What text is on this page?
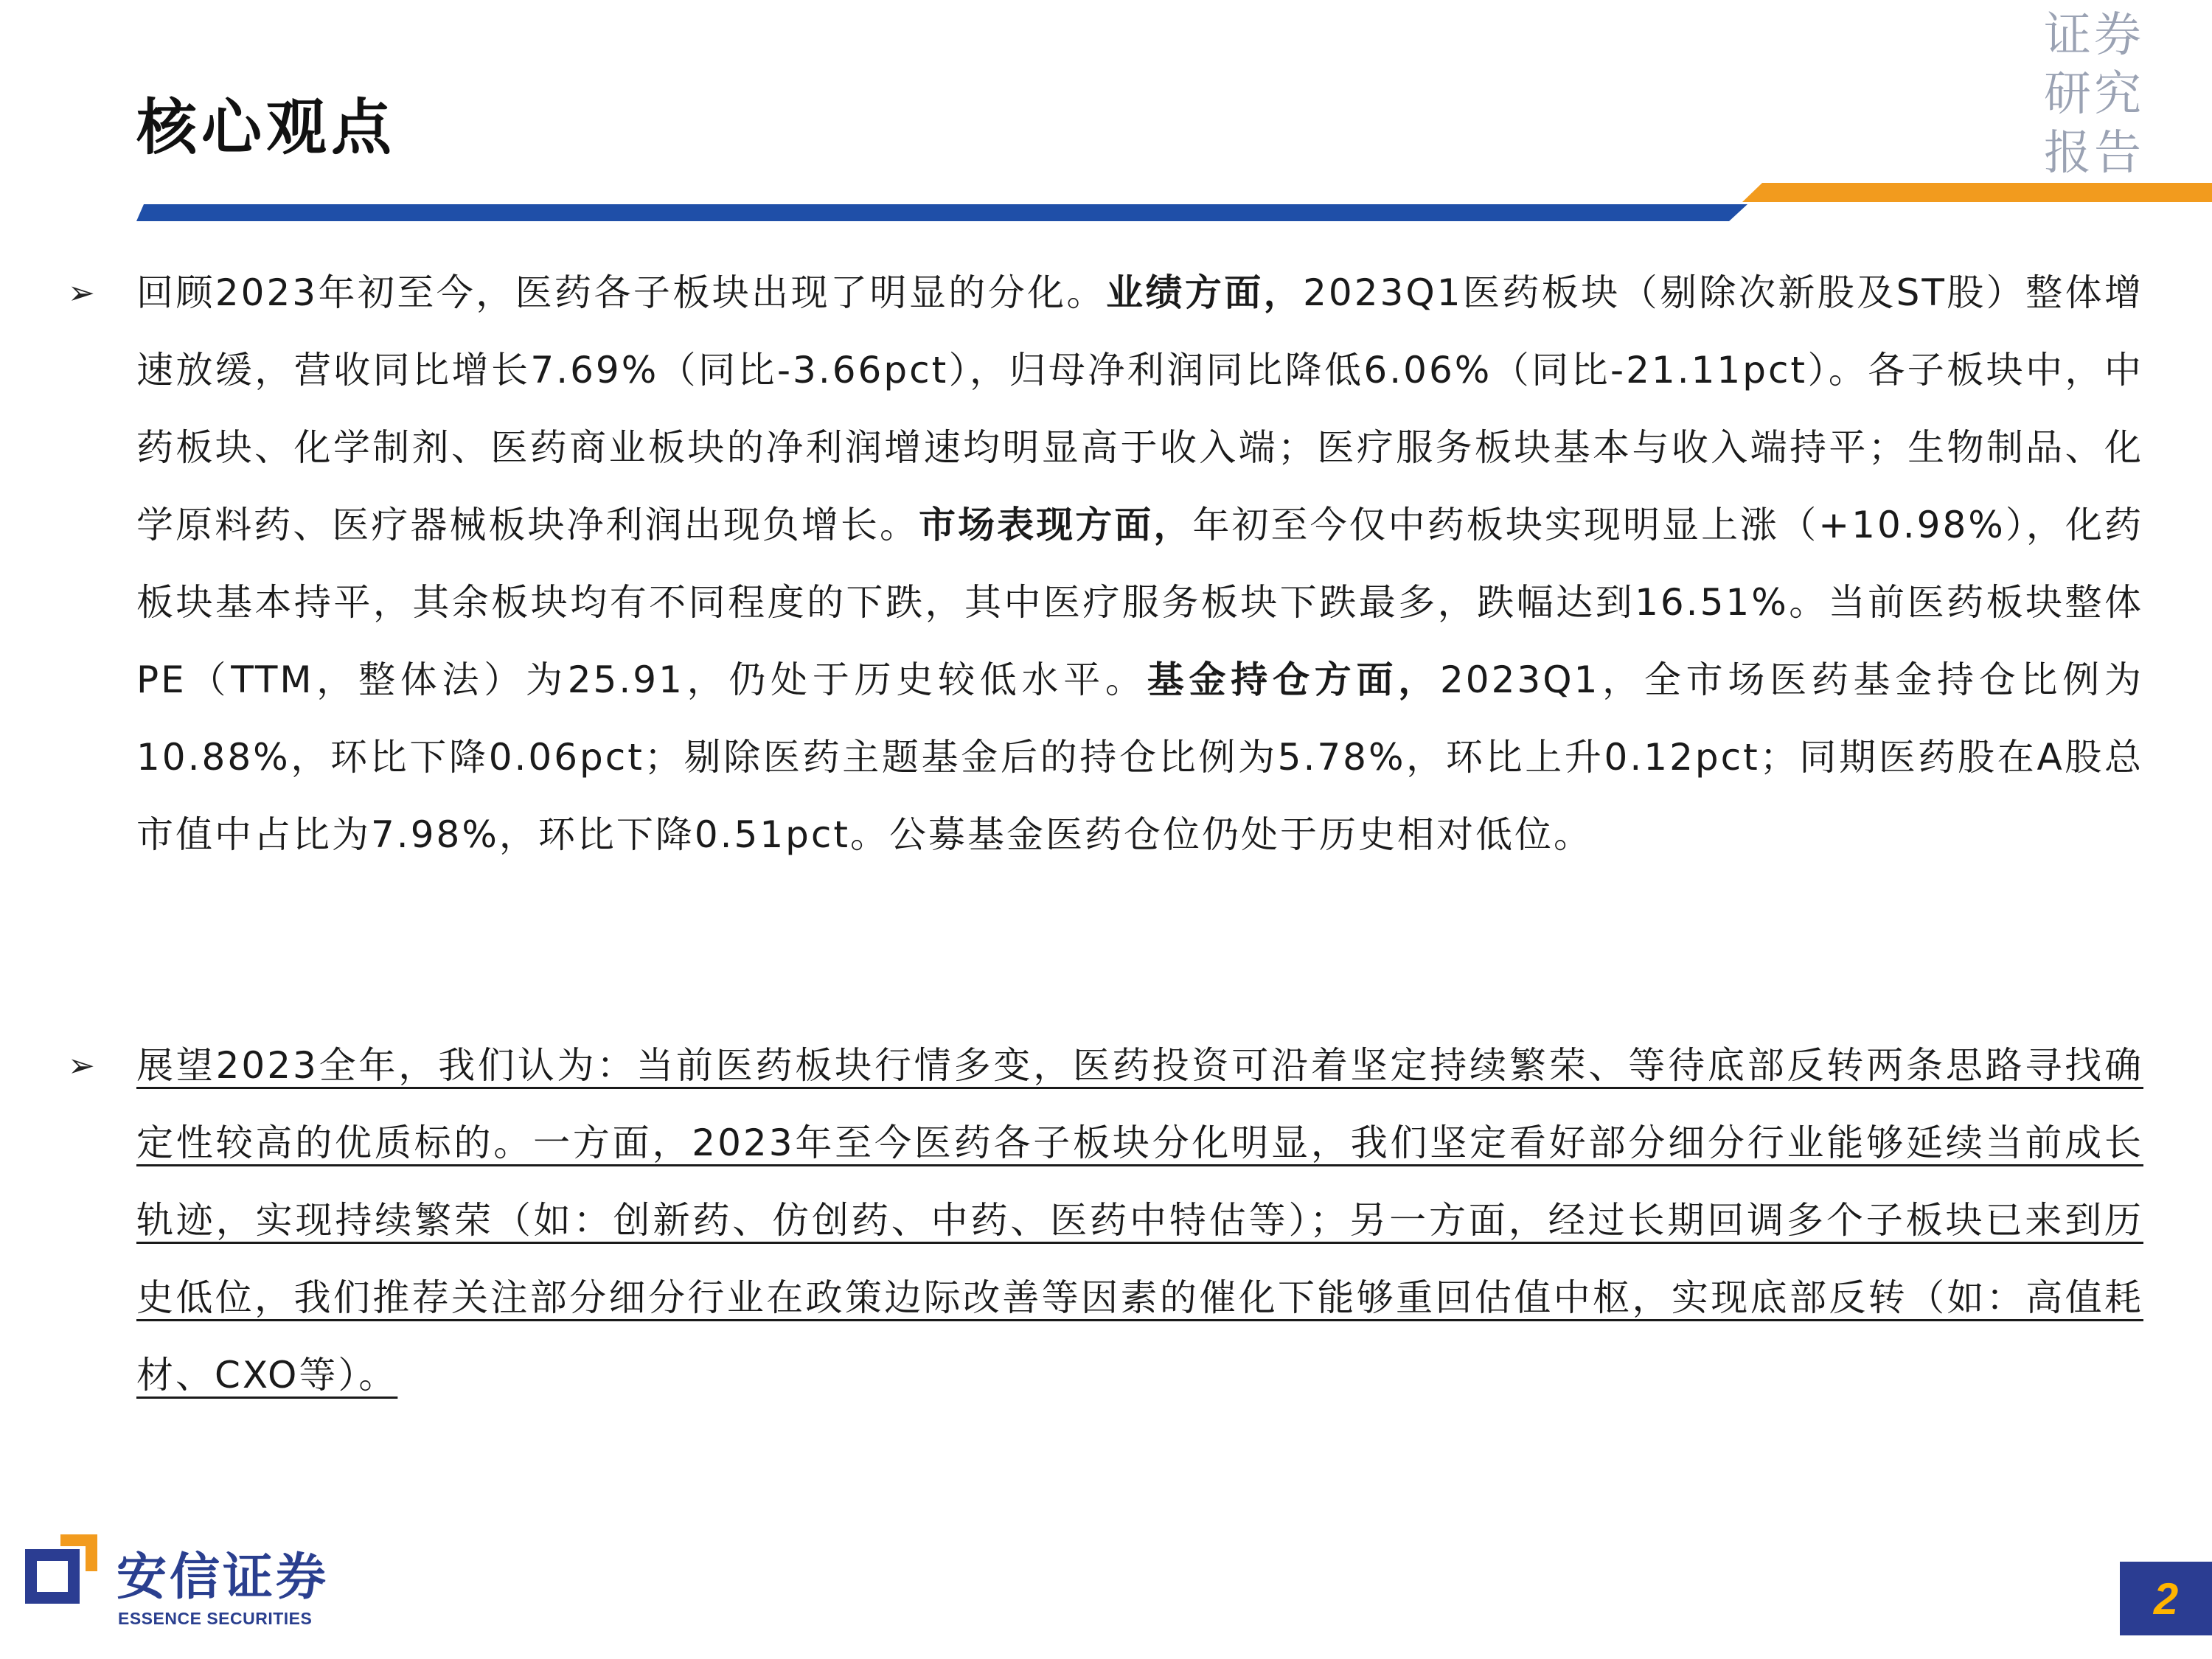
核心观点
证券
研究
报告
➢ 回顾2023年初至今，医药各子板块出现了明显的分化。业绩方面，2023Q1医药板块（剔除次新股及ST股）整体增速放缓，营收同比增长7.69%（同比-3.66pct），归母净利润同比降低6.06%（同比-21.11pct）。各子板块中，中药板块、化学制剂、医药商业板块的净利润增速均明显高于收入端；医疗服务板块基本与收入端持平；生物制品、化学原料药、医疗器械板块净利润出现负增长。市场表现方面，年初至今仅中药板块实现明显上涨（+10.98%），化药板块基本持平，其余板块均有不同程度的下跌，其中医疗服务板块下跌最多，跌幅达到16.51%。当前医药板块整体PE（TTM，整体法）为25.91，仍处于历史较低水平。基金持仓方面，2023Q1，全市场医药基金持仓比例为10.88%，环比下降0.06pct；剔除医药主题基金后的持仓比例为5.78%，环比上升0.12pct；同期医药股在A股总市值中占比为7.98%，环比下降0.51pct。公募基金医药仓位仍处于历史相对低位。
➢ 展望2023全年，我们认为：当前医药板块行情多变，医药投资可沿着坚定持续繁荣、等待底部反转两条思路寻找确定性较高的优质标的。一方面，2023年至今医药各子板块分化明显，我们坚定看好部分细分行业能够延续当前成长轨迹，实现持续繁荣（如：创新药、仿创药、中药、医药中特估等）；另一方面，经过长期回调多个子板块已来到历史低位，我们推荐关注部分细分行业在政策边际改善等因素的催化下能够重回估值中枢，实现底部反转（如：高值耗材、CXO等）。
安信证券
ESSENCE SECURITIES	2
